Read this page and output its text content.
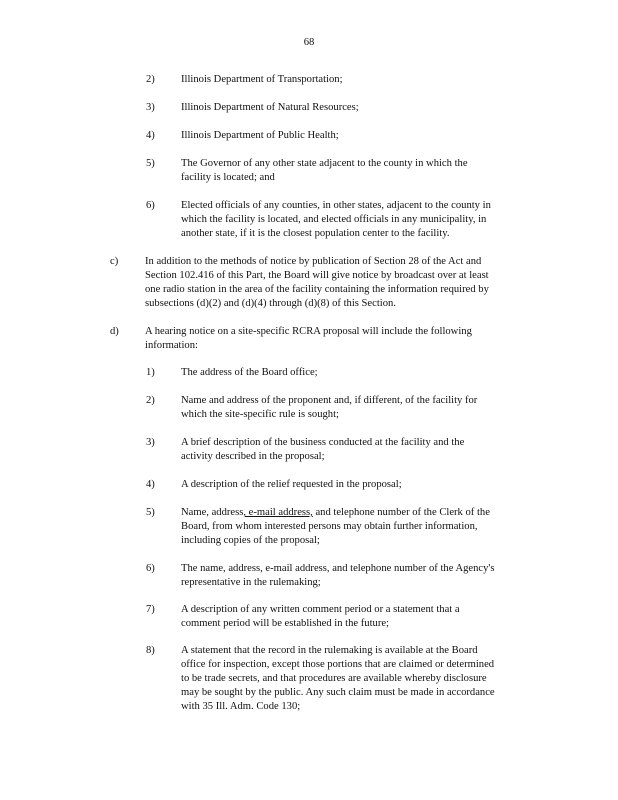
68
2) Illinois Department of Transportation;
3) Illinois Department of Natural Resources;
4) Illinois Department of Public Health;
5) The Governor of any other state adjacent to the county in which the
facility is located; and
6) Elected officials of any counties, in other states, adjacent to the county in
which the facility is located, and elected officials in any municipality, in
another state, if it is the closest population center to the facility.
c)	In addition to the methods of notice by publication of Section 28 of the Act and
Section 102.416 of this Part, the Board will give notice by broadcast over at least
one radio station in the area of the facility containing the information required by
subsections (d)(2) and (d)(4) through (d)(8) of this Section.
d) A hearing notice on a site-specific RCRA proposal will include the following
information:
1) The address of the Board office;
2) Name and address of the proponent and, if different, of the facility for
which the site-specific rule is sought;
3) A brief description of the business conducted at the facility and the
activity described in the proposal;
4) A description of the relief requested in the proposal;
5) Name, address, e-mail address, and telephone number of the Clerk of the
Board, from whom interested persons may obtain further information,
including copies of the proposal;
6) The name, address, e-mail address, and telephone number of the Agency's
representative in the rulemaking;
7) A description of any written comment period or a statement that a
comment period will be established in the future;
8) A statement that the record in the rulemaking is available at the Board
office for inspection, except those portions that are claimed or determined
to be trade secrets, and that procedures are available whereby disclosure
may be sought by the public. Any such claim must be made in accordance
with 35 Ill. Adm. Code 130;
